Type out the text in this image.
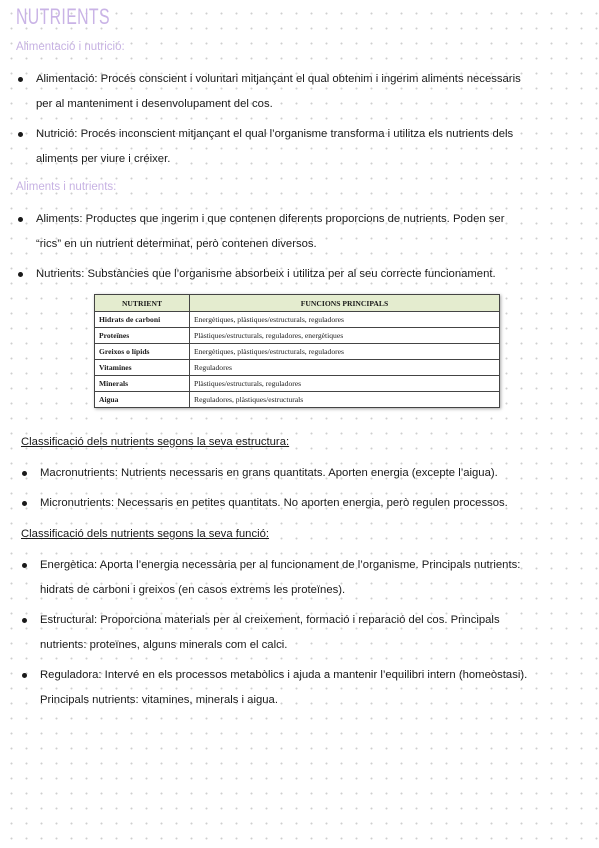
NUTRIENTS
Alimentació i nutrició:
Alimentació: Procés conscient i voluntari mitjançant el qual obtenim i ingerim aliments necessaris
per al manteniment i desenvolupament del cos.
Nutrició: Procés inconscient mitjançant el qual l’organisme transforma i utilitza els nutrients dels
aliments per viure i créixer.
Aliments i nutrients:
Aliments: Productes que ingerim i que contenen diferents proporcions de nutrients. Poden ser
“rics” en un nutrient determinat, però contenen diversos.
Nutrients: Substàncies que l’organisme absorbeix i utilitza per al seu correcte funcionament.
NUTRIENT	FUNCIONS PRINCIPALS
Hidrats de carboni	Energètiques, plàstiques/estructurals, reguladores
Proteïnes	Plàstiques/estructurals, reguladores, energètiques
Greixos o lípids	Energètiques, plàstiques/estructurals, reguladores
Vitamines	Reguladores
Minerals	Plàstiques/estructurals, reguladores
Aigua	Reguladores, plàstiques/estructurals
Classificació dels nutrients segons la seva estructura:
Macronutrients: Nutrients necessaris en grans quantitats. Aporten energia (excepte l’aigua).
Micronutrients: Necessaris en petites quantitats. No aporten energia, però regulen processos.
Classificació dels nutrients segons la seva funció:
Energètica: Aporta l’energia necessària per al funcionament de l’organisme. Principals nutrients:
hidrats de carboni i greixos (en casos extrems les proteïnes).
Estructural: Proporciona materials per al creixement, formació i reparació del cos. Principals
nutrients: proteïnes, alguns minerals com el calci.
Reguladora: Intervé en els processos metabòlics i ajuda a mantenir l’equilibri intern (homeòstasi).
Principals nutrients: vitamines, minerals i aigua.
